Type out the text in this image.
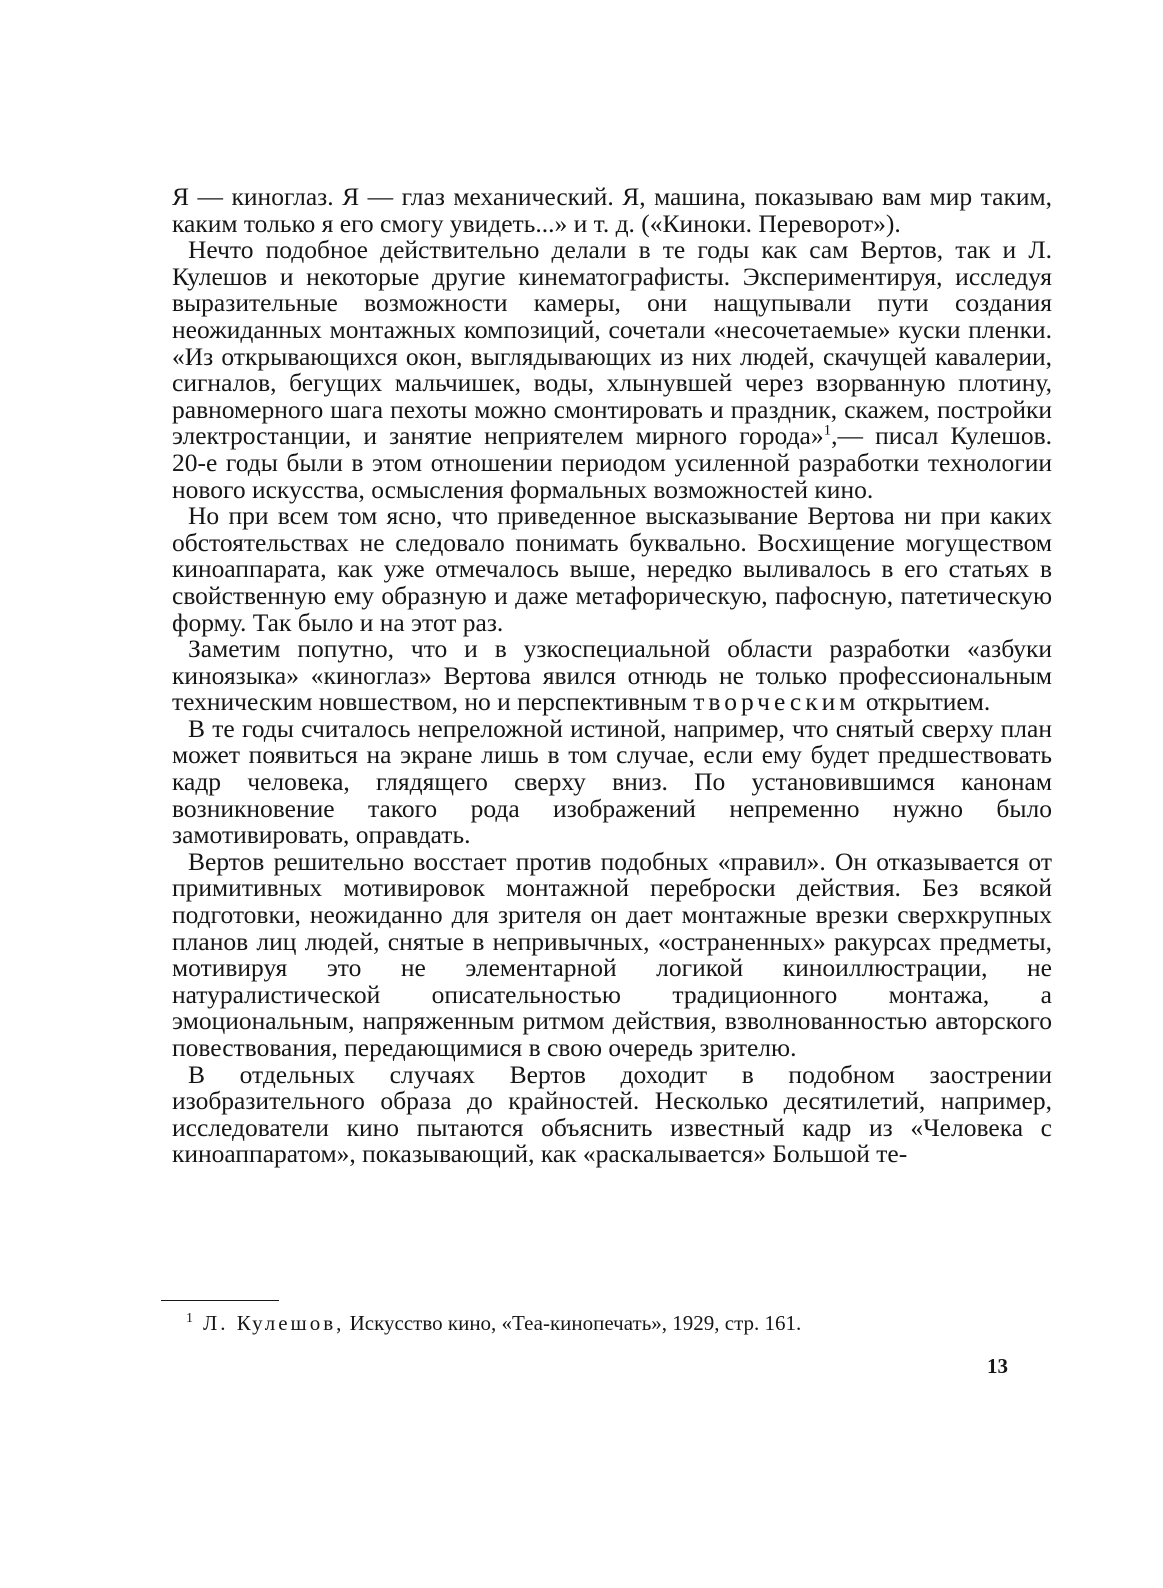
Я — киноглаз. Я — глаз механический. Я, машина, показываю вам мир таким, каким только я его смогу увидеть...» и т. д. («Киноки. Переворот»).

Нечто подобное действительно делали в те годы как сам Вертов, так и Л. Кулешов и некоторые другие кинематографисты. Экспериментируя, исследуя выразительные возможности камеры, они нащупывали пути создания неожиданных монтажных композиций, сочетали «несочетаемые» куски пленки. «Из открывающихся окон, выглядывающих из них людей, скачущей кавалерии, сигналов, бегущих мальчишек, воды, хлынувшей через взорванную плотину, равномерного шага пехоты можно смонтировать и праздник, скажем, постройки электростанции, и занятие неприятелем мирного города»$^1$,— писал Кулешов. 20-е годы были в этом отношении периодом усиленной разработки технологии нового искусства, осмысления формальных возможностей кино.

Но при всем том ясно, что приведенное высказывание Вертова ни при каких обстоятельствах не следовало понимать буквально. Восхищение могуществом киноаппарата, как уже отмечалось выше, нередко выливалось в его статьях в свойственную ему образную и даже метафорическую, пафосную, патетическую форму. Так было и на этот раз.

Заметим попутно, что и в узкоспециальной области разработки «азбуки киноязыка» «киноглаз» Вертова явился отнюдь не только профессиональным техническим новшеством, но и перспективным творческим открытием.

В те годы считалось непреложной истиной, например, что снятый сверху план может появиться на экране лишь в том случае, если ему будет предшествовать кадр человека, глядящего сверху вниз. По установившимся канонам возникновение такого рода изображений непременно нужно было замотивировать, оправдать.

Вертов решительно восстает против подобных «правил». Он отказывается от примитивных мотивировок монтажной переброски действия. Без всякой подготовки, неожиданно для зрителя он дает монтажные врезки сверхкрупных планов лиц людей, снятые в непривычных, «остраненных» ракурсах предметы, мотивируя это не элементарной логикой киноиллюстрации, не натуралистической описательностью традиционного монтажа, а эмоциональным, напряженным ритмом действия, взволнованностью авторского повествования, передающимися в свою очередь зрителю.

В отдельных случаях Вертов доходит в подобном заострении изобразительного образа до крайностей. Несколько десятилетий, например, исследователи кино пытаются объяснить известный кадр из «Человека с киноаппаратом», показывающий, как «раскалывается» Большой те-

$^1$ Л. Кулешов, Искусство кино, «Теа-кинопечать», 1929, стр. 161.
13
